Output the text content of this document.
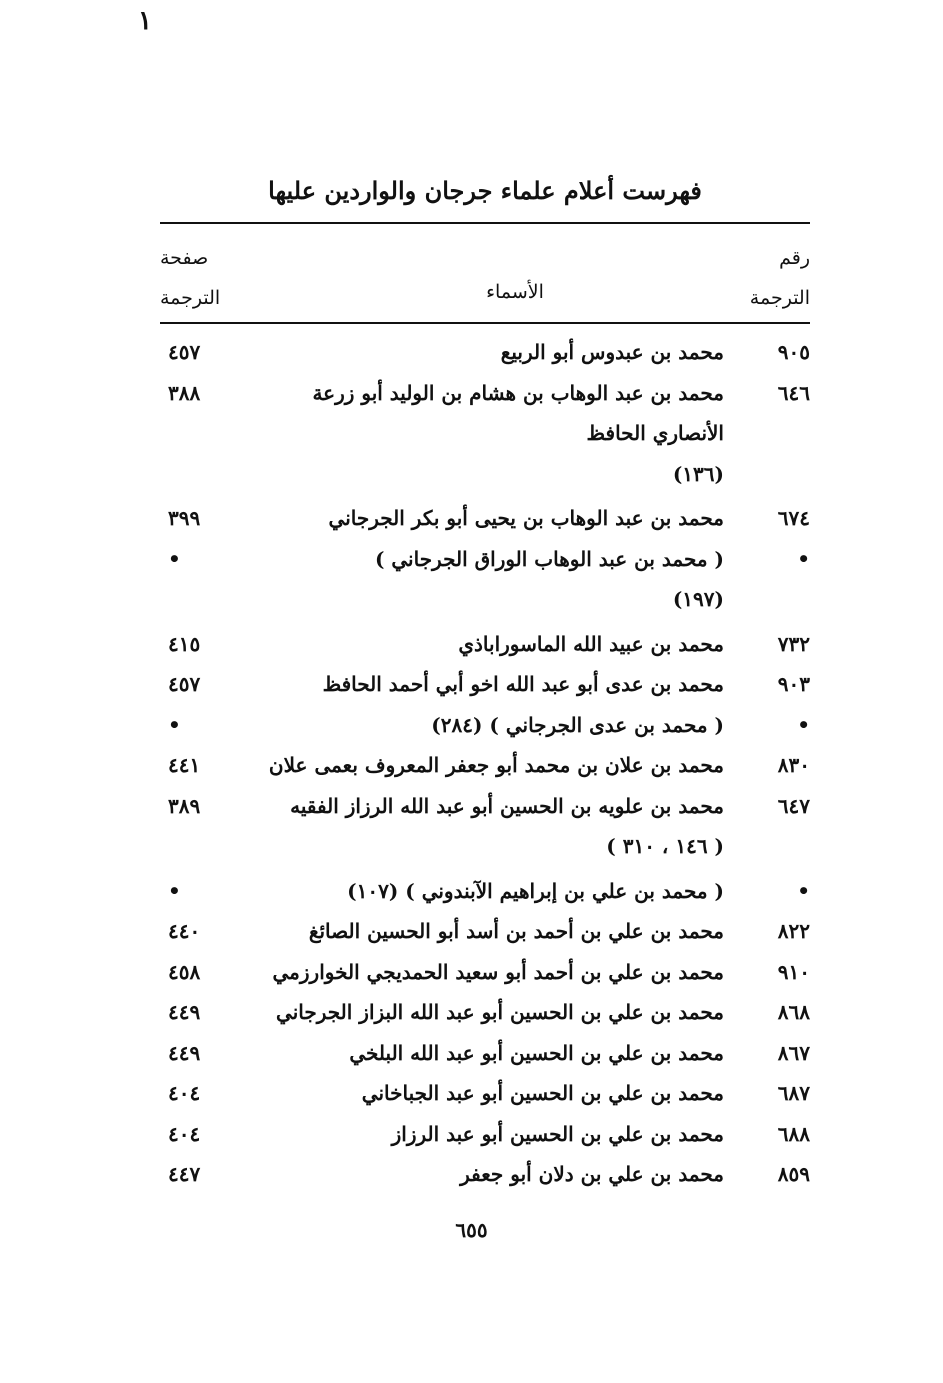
١
فهرست أعلام علماء جرجان والواردين عليها
رقم
الترجمة
الأسماء
صفحة
الترجمة
٩٠٥
محمد بن عبدوس أبو الربيع
٤٥٧
٦٤٦
محمد بن عبد الوهاب بن هشام بن الوليد أبو زرعة
٣٨٨
الأنصاري الحافظ
(١٣٦)
٦٧٤
محمد بن عبد الوهاب بن يحيى أبو بكر الجرجاني
٣٩٩
•
( محمد بن عبد الوهاب الوراق الجرجاني )
•
(١٩٧)
٧٣٢
محمد بن عبيد الله الماسوراباذي
٤١٥
٩٠٣
محمد بن عدى أبو عبد الله اخو أبي أحمد الحافظ
٤٥٧
•
( محمد بن عدى الجرجاني ) (٢٨٤)
•
٨٣٠
محمد بن علان بن محمد أبو جعفر المعروف بعمى علان
٤٤١
٦٤٧
محمد بن علويه بن الحسين أبو عبد الله الرزاز الفقيه
٣٨٩
( ١٤٦ ، ٣١٠ )
•
( محمد بن علي بن إبراهيم الآبندوني ) (١٠٧)
•
٨٢٢
محمد بن علي بن أحمد بن أسد أبو الحسين الصائغ
٤٤٠
٩١٠
محمد بن علي بن أحمد أبو سعيد الحمديجي الخوارزمي
٤٥٨
٨٦٨
محمد بن علي بن الحسين أبو عبد الله البزاز الجرجاني
٤٤٩
٨٦٧
محمد بن علي بن الحسين أبو عبد الله البلخي
٤٤٩
٦٨٧
محمد بن علي بن الحسين أبو عبد الجباخاني
٤٠٤
٦٨٨
محمد بن علي بن الحسين أبو عبد الرزاز
٤٠٤
٨٥٩
محمد بن علي بن دلان أبو جعفر
٤٤٧
٦٥٥
